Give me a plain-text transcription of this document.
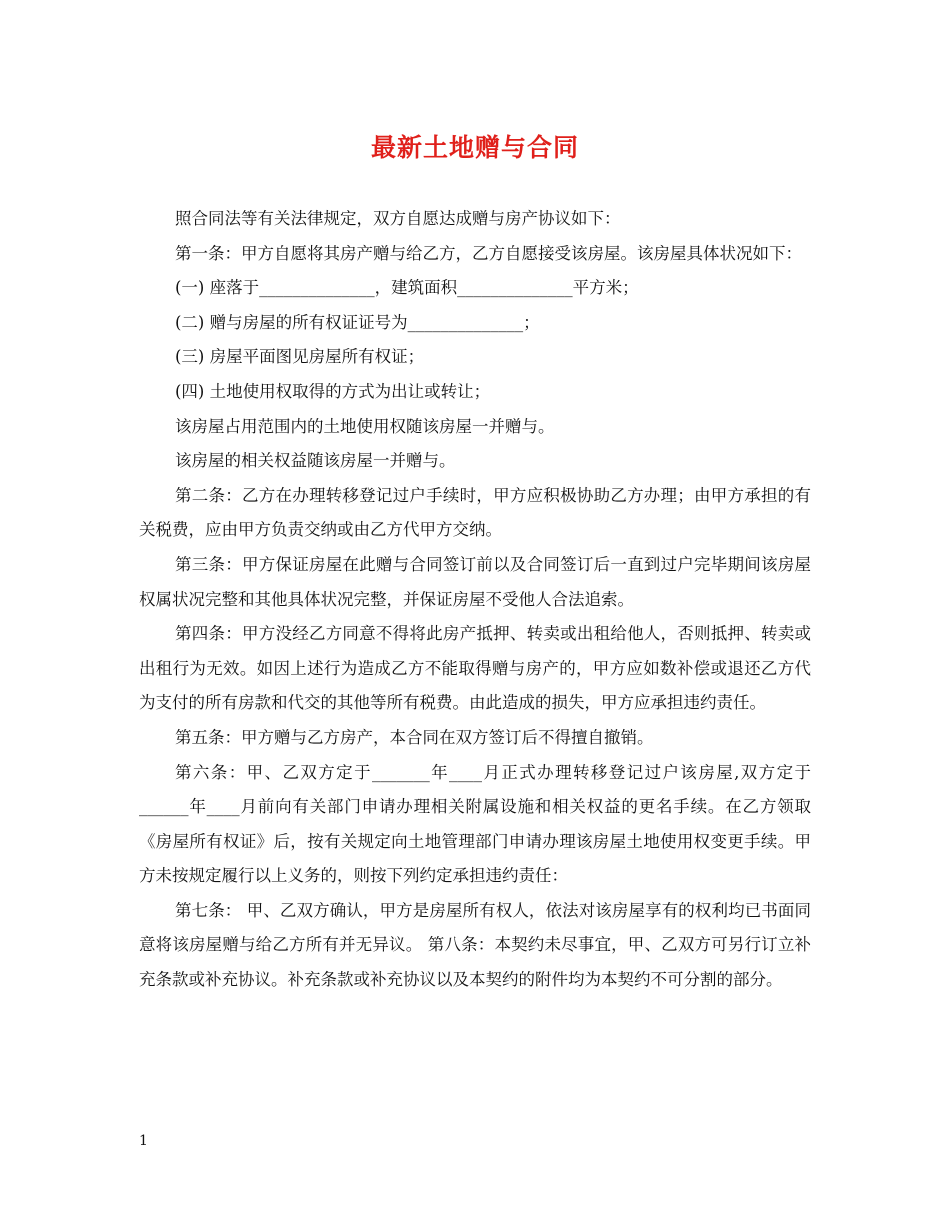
最新土地赠与合同

照合同法等有关法律规定，双方自愿达成赠与房产协议如下：

第一条：甲方自愿将其房产赠与给乙方，乙方自愿接受该房屋。该房屋具体状况如下：

(一) 座落于______________，建筑面积______________平方米；

(二) 赠与房屋的所有权证证号为______________；

(三) 房屋平面图见房屋所有权证；

(四) 土地使用权取得的方式为出让或转让；

该房屋占用范围内的土地使用权随该房屋一并赠与。

该房屋的相关权益随该房屋一并赠与。

第二条：乙方在办理转移登记过户手续时，甲方应积极协助乙方办理；由甲方承担的有关税费，应由甲方负责交纳或由乙方代甲方交纳。

第三条：甲方保证房屋在此赠与合同签订前以及合同签订后一直到过户完毕期间该房屋权属状况完整和其他具体状况完整，并保证房屋不受他人合法追索。

第四条：甲方没经乙方同意不得将此房产抵押、转卖或出租给他人，否则抵押、转卖或出租行为无效。如因上述行为造成乙方不能取得赠与房产的，甲方应如数补偿或退还乙方代为支付的所有房款和代交的其他等所有税费。由此造成的损失，甲方应承担违约责任。

第五条：甲方赠与乙方房产，本合同在双方签订后不得擅自撤销。

第六条：甲、乙双方定于_______年____月正式办理转移登记过户该房屋,双方定于______年____月前向有关部门申请办理相关附属设施和相关权益的更名手续。在乙方领取《房屋所有权证》后，按有关规定向土地管理部门申请办理该房屋土地使用权变更手续。甲方未按规定履行以上义务的，则按下列约定承担违约责任：

第七条： 甲、乙双方确认，甲方是房屋所有权人，依法对该房屋享有的权利均已书面同意将该房屋赠与给乙方所有并无异议。 第八条：本契约未尽事宜，甲、乙双方可另行订立补充条款或补充协议。补充条款或补充协议以及本契约的附件均为本契约不可分割的部分。

1
